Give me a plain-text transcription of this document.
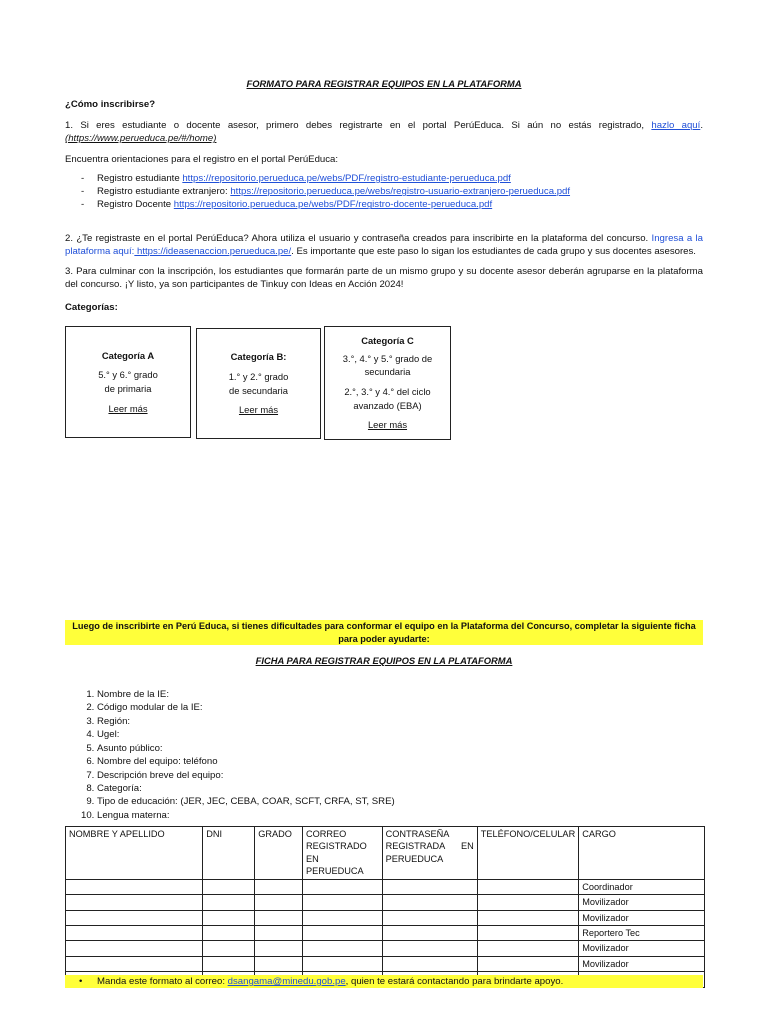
FORMATO PARA REGISTRAR EQUIPOS EN LA PLATAFORMA
¿Cómo inscribirse?
1. Si eres estudiante o docente asesor, primero debes registrarte en el portal PerúEduca. Si aún no estás registrado, hazlo aquí. (https://www.perueduca.pe/#/home)
Encuentra orientaciones para el registro en el portal PerúEduca:
- Registro estudiante https://repositorio.perueduca.pe/webs/PDF/registro-estudiante-perueduca.pdf
- Registro estudiante extranjero: https://repositorio.perueduca.pe/webs/registro-usuario-extranjero-perueduca.pdf
- Registro Docente https://repositorio.perueduca.pe/webs/PDF/registro-docente-perueduca.pdf
2. ¿Te registraste en el portal PerúEduca? Ahora utiliza el usuario y contraseña creados para inscribirte en la plataforma del concurso. Ingresa a la plataforma aquí: https://ideasenaccion.perueduca.pe/. Es importante que este paso lo sigan los estudiantes de cada grupo y sus docentes asesores.
3. Para culminar con la inscripción, los estudiantes que formarán parte de un mismo grupo y su docente asesor deberán agruparse en la plataforma del concurso. ¡Y listo, ya son participantes de Tinkuy con Ideas en Acción 2024!
Categorías:
Categoría A

5.° y 6.° grado

de primaria

Leer más
Categoría B:

1.° y 2.° grado

de secundaria

Leer más
Categoría C

3.°, 4.° y 5.° grado de secundaria

2.°, 3.° y 4.° del ciclo avanzado (EBA)

Leer más
Luego de inscribirte en Perú Educa, si tienes dificultades para conformar el equipo en la Plataforma del Concurso, completar la siguiente ficha para poder ayudarte:
FICHA PARA REGISTRAR EQUIPOS EN LA PLATAFORMA
1. Nombre de la IE:
2. Código modular de la IE:
3. Región:
4. Ugel:
5. Asunto público:
6. Nombre del equipo: teléfono
7. Descripción breve del equipo:
8. Categoría:
9. Tipo de educación: (JER, JEC, CEBA, COAR, SCFT, CRFA, ST, SRE)
10. Lengua materna:
NOMBRE Y APELLIDO	DNI	GRADO	CORREO REGISTRADO EN PERUEDUCA	CONTRASEÑA REGISTRADA EN PERUEDUCA	TELÉFONO/CELULAR	CARGO
						Coordinador
						Movilizador
						Movilizador
						Reportero Tec
						Movilizador
						Movilizador

• Manda este formato al correo: dsangama@minedu.gob.pe, quien te estará contactando para brindarte apoyo.
